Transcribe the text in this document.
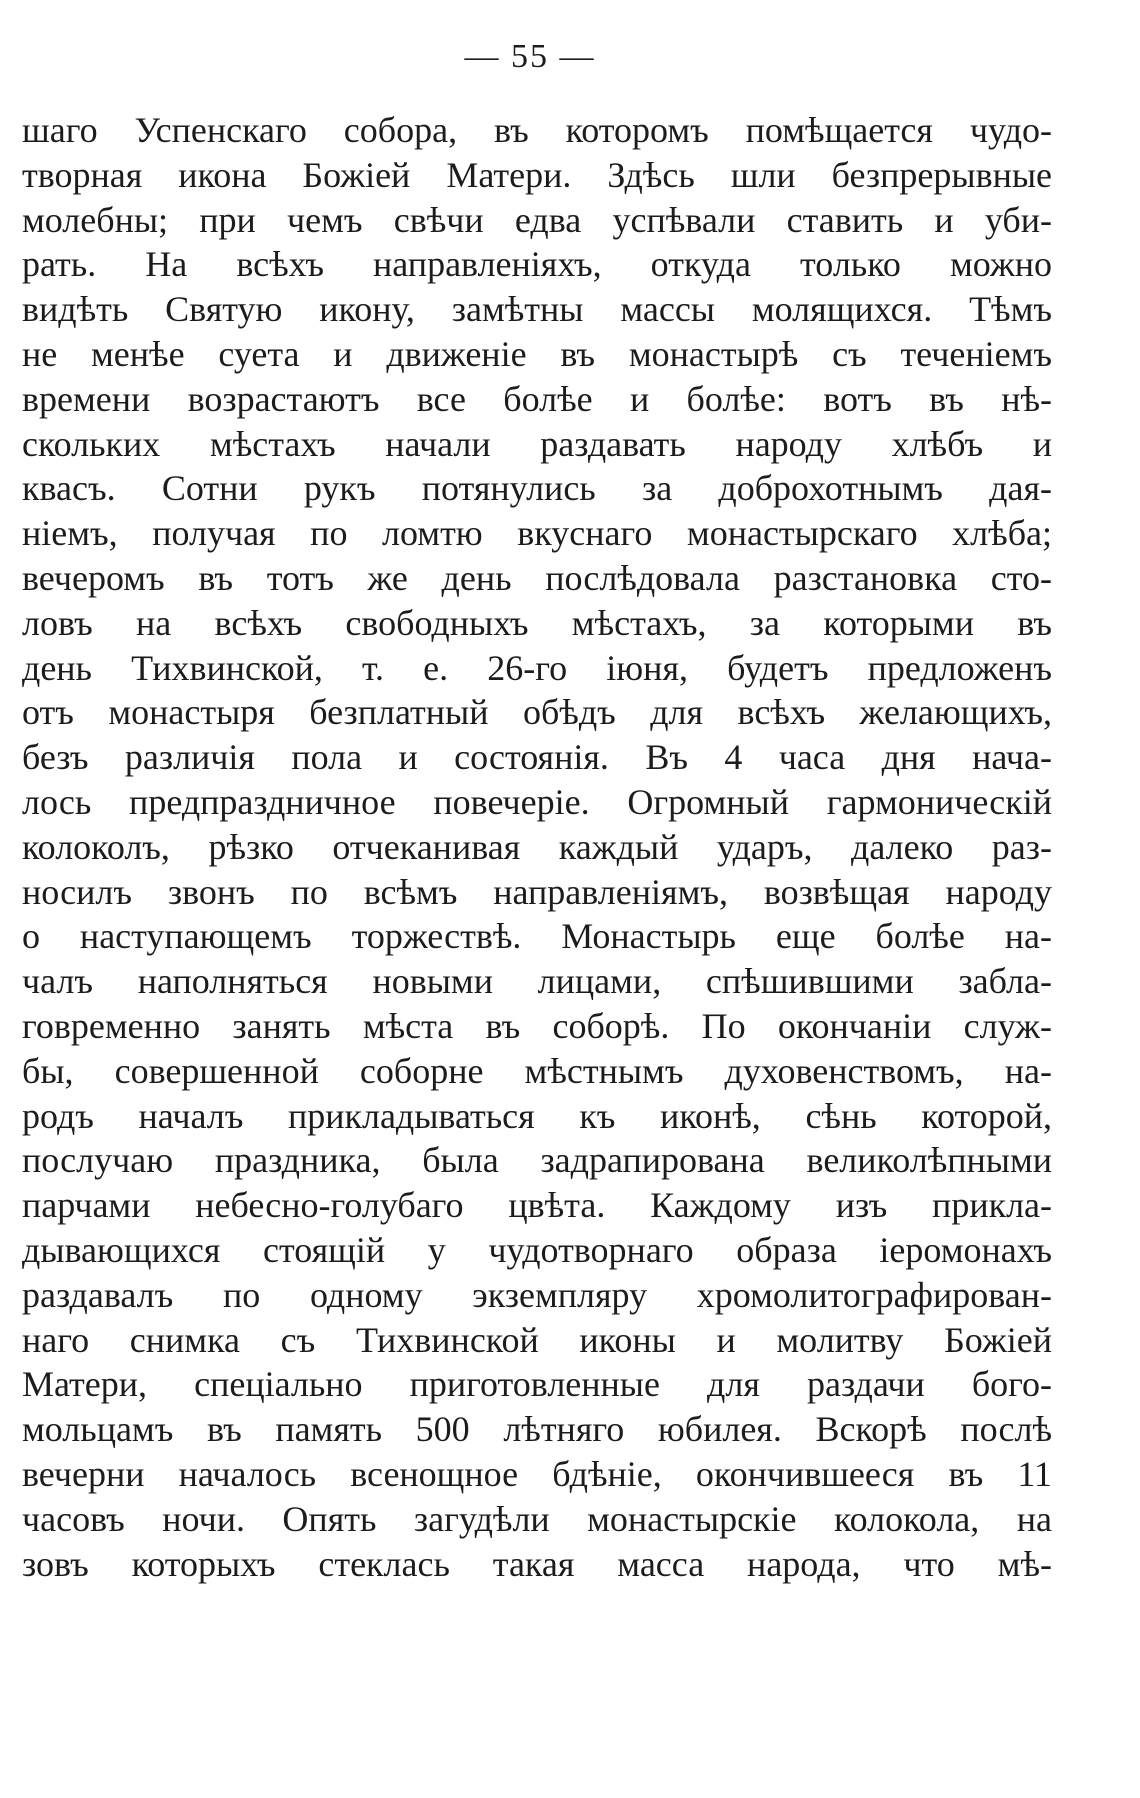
— 55 —
шаго Успенскаго собора, въ которомъ помѣщается чудо-
творная икона Божіей Матери. Здѣсь шли безпрерывные
молебны; при чемъ свѣчи едва успѣвали ставить и уби-
рать. На всѣхъ направленіяхъ, откуда только можно
видѣть Святую икону, замѣтны массы молящихся. Тѣмъ
не менѣе суета и движеніе въ монастырѣ съ теченіемъ
времени возрастаютъ все болѣе и болѣе: вотъ въ нѣ-
скольких мѣстахъ начали раздавать народу хлѣбъ и
квасъ. Сотни рукъ потянулись за доброхотнымъ дая-
ніемъ, получая по ломтю вкуснаго монастырскаго хлѣба;
вечеромъ въ тотъ же день послѣдовала разстановка сто-
ловъ на всѣхъ свободныхъ мѣстахъ, за которыми въ
день Тихвинской, т. е. 26-го іюня, будетъ предложенъ
отъ монастыря безплатный обѣдъ для всѣхъ желающихъ,
безъ различія пола и состоянія. Въ 4 часа дня нача-
лось предпраздничное повечеріе. Огромный гармоническій
колоколъ, рѣзко отчеканивая каждый ударъ, далеко раз-
носилъ звонъ по всѣмъ направленіямъ, возвѣщая народу
о наступающемъ торжествѣ. Монастырь еще болѣе на-
чалъ наполняться новыми лицами, спѣшившими забла-
говременно занять мѣста въ соборѣ. По окончаніи служ-
бы, совершенной соборне мѣстнымъ духовенствомъ, на-
родъ началъ прикладываться къ иконѣ, сѣнь которой,
послучаю праздника, была задрапирована великолѣпными
парчами небесно-голубаго цвѣта. Каждому изъ прикла-
дывающихся стоящій у чудотворнаго образа іеромонахъ
раздавалъ по одному экземпляру хромолитографирован-
наго снимка съ Тихвинской иконы и молитву Божіей
Матери, спеціально приготовленные для раздачи бого-
мольцамъ въ память 500 лѣтняго юбилея. Вскорѣ послѣ
вечерни началось всенощное бдѣніе, окончившееся въ 11
часовъ ночи. Опять загудѣли монастырскіе колокола, на
зовъ которыхъ стеклась такая масса народа, что мѣ-
